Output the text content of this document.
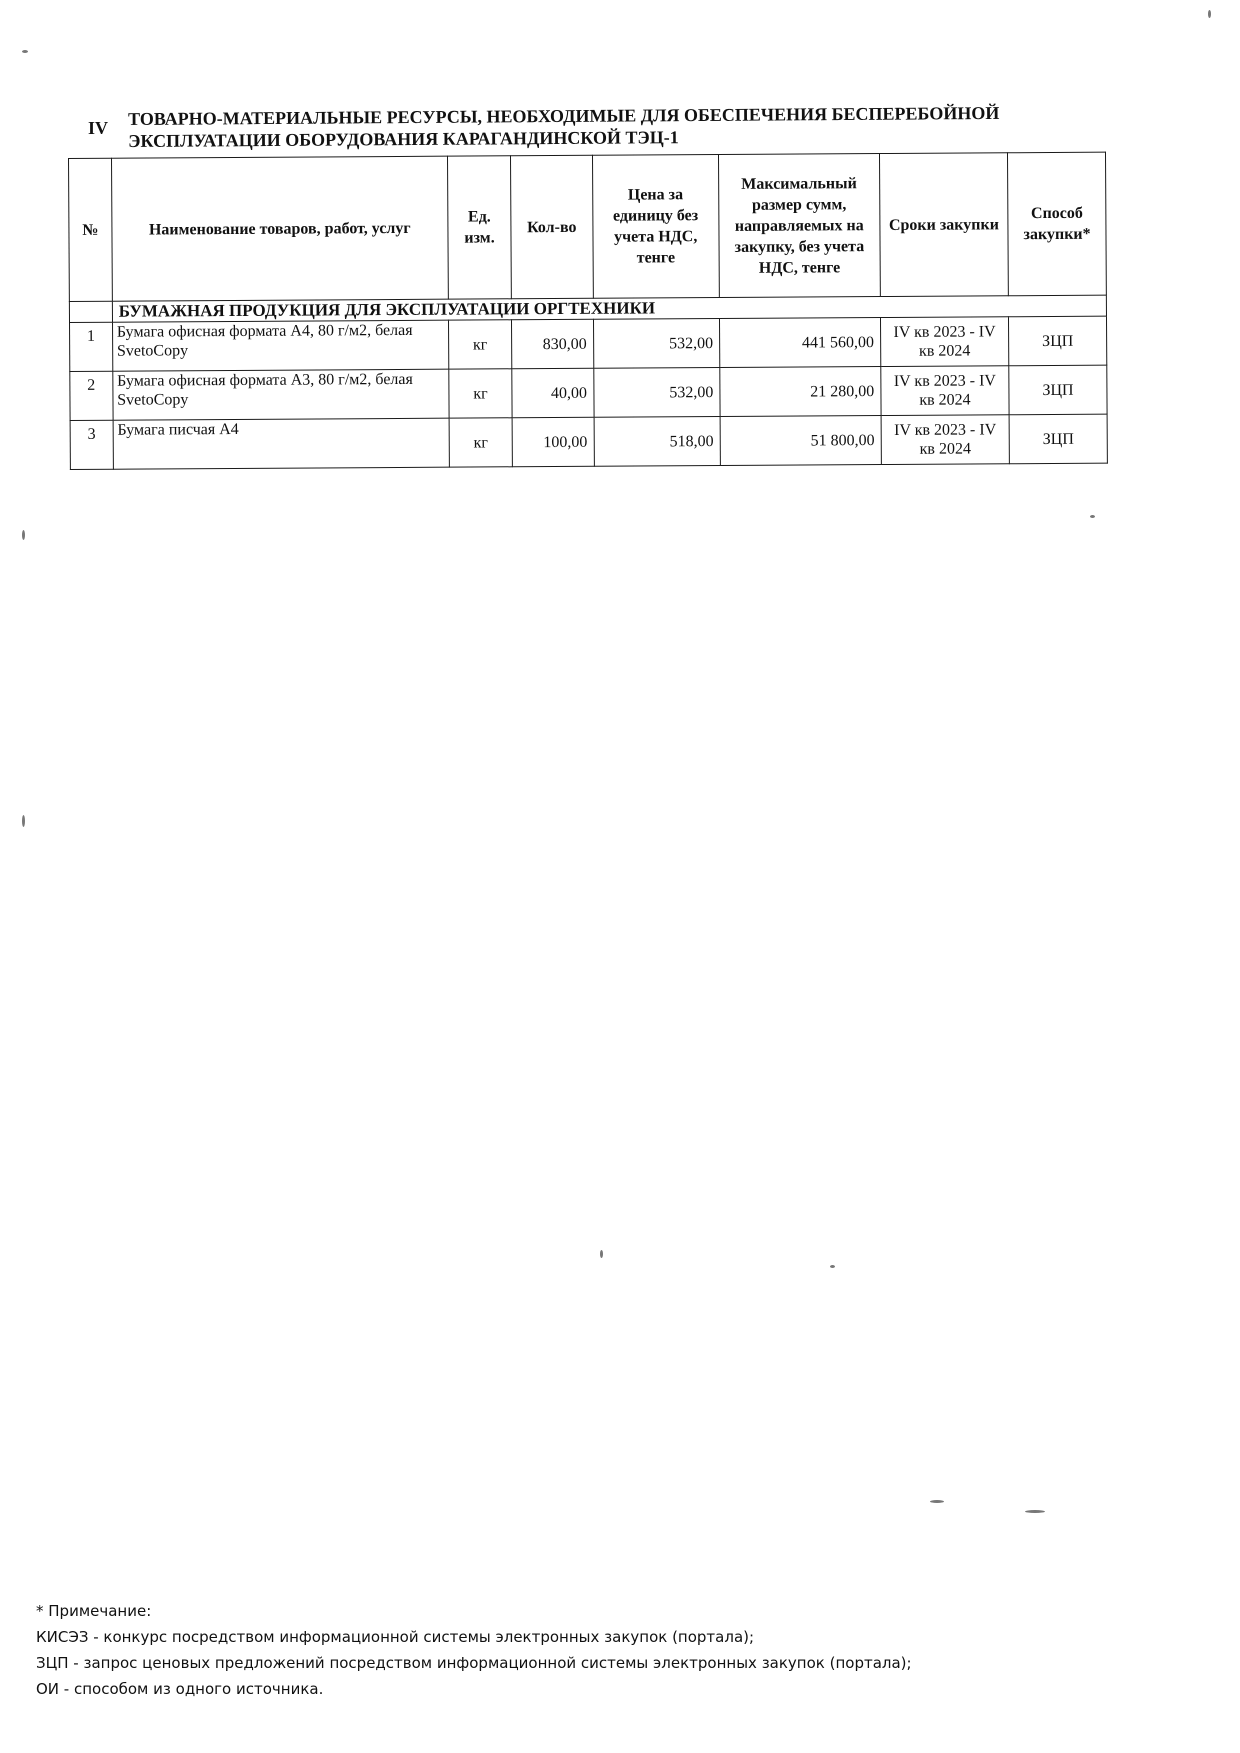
IV ТОВАРНО-МАТЕРИАЛЬНЫЕ РЕСУРСЫ, НЕОБХОДИМЫЕ ДЛЯ ОБЕСПЕЧЕНИЯ БЕСПЕРЕБОЙНОЙ ЭКСПЛУАТАЦИИ ОБОРУДОВАНИЯ КАРАГАНДИНСКОЙ ТЭЦ-1
№	Наименование товаров, работ, услуг	Ед. изм.	Кол-во	Цена за единицу без учета НДС, тенге	Максимальный размер сумм, направляемых на закупку, без учета НДС, тенге	Сроки закупки	Способ закупки*
	БУМАЖНАЯ ПРОДУКЦИЯ ДЛЯ ЭКСПЛУАТАЦИИ ОРГТЕХНИКИ						
1	Бумага офисная формата А4, 80 г/м2, белая SvetoCopy	кг	830,00	532,00	441 560,00	IV кв 2023 - IV кв 2024	ЗЦП
2	Бумага офисная формата А3, 80 г/м2, белая SvetoCopy	кг	40,00	532,00	21 280,00	IV кв 2023 - IV кв 2024	ЗЦП
3	Бумага писчая А4	кг	100,00	518,00	51 800,00	IV кв 2023 - IV кв 2024	ЗЦП
* Примечание:
КИСЭЗ - конкурс посредством информационной системы электронных закупок (портала);
ЗЦП - запрос ценовых предложений посредством информационной системы электронных закупок (портала);
ОИ - способом из одного источника.
